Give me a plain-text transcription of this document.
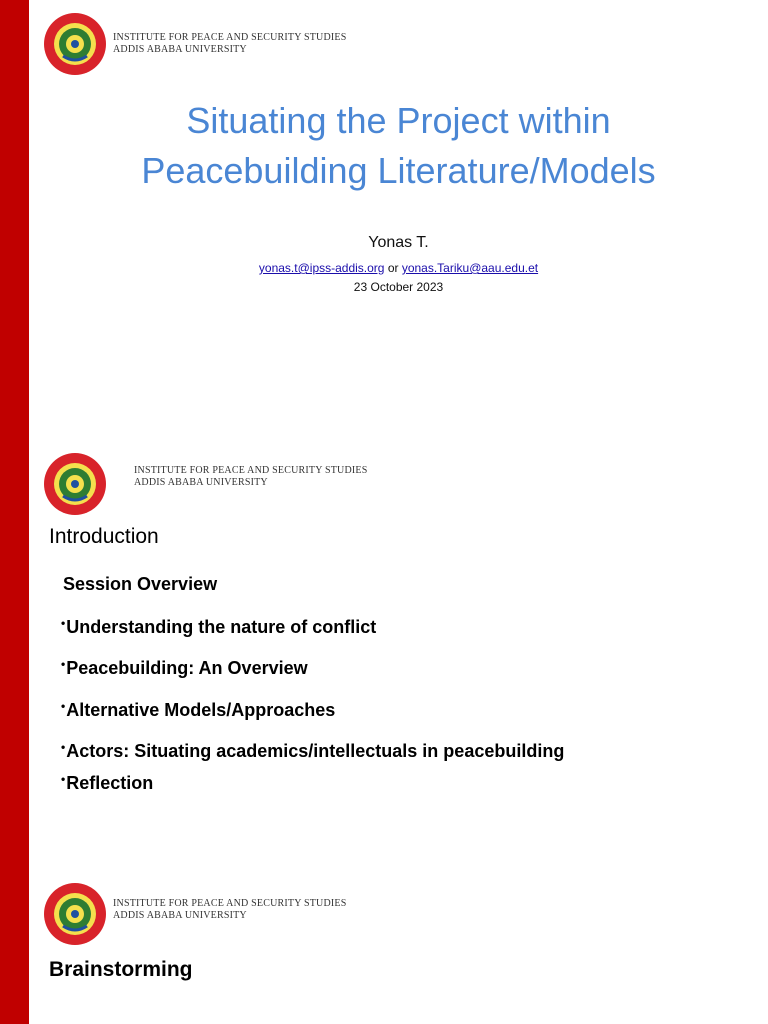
INSTITUTE FOR PEACE AND SECURITY STUDIES
ADDIS ABABA UNIVERSITY
Situating the Project within
Peacebuilding Literature/Models
Yonas T.
yonas.t@ipss-addis.org or yonas.Tariku@aau.edu.et
23 October 2023
INSTITUTE FOR PEACE AND SECURITY STUDIES
ADDIS ABABA UNIVERSITY
Introduction
Session Overview
•Understanding the nature of conflict
•Peacebuilding: An Overview
•Alternative Models/Approaches
•Actors: Situating academics/intellectuals in peacebuilding
•Reflection
INSTITUTE FOR PEACE AND SECURITY STUDIES
ADDIS ABABA UNIVERSITY
Brainstorming
